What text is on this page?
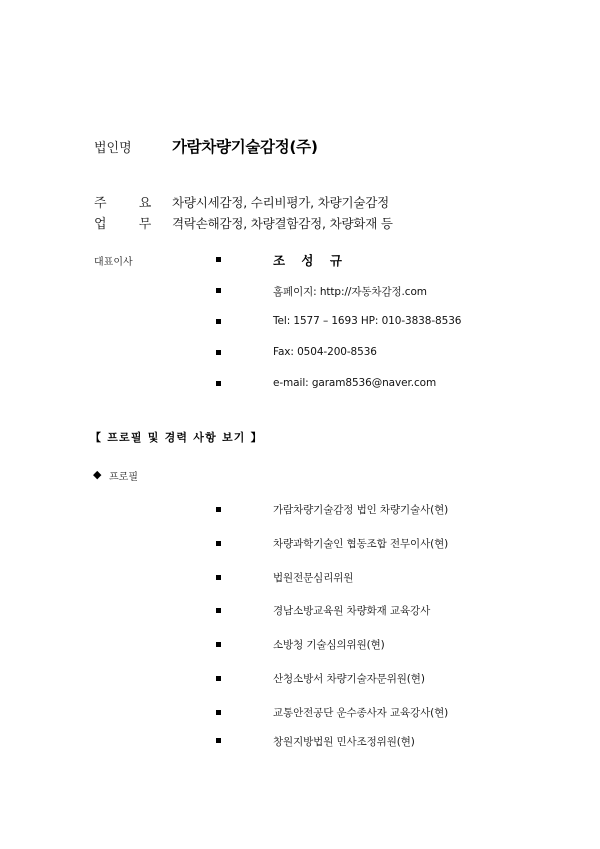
법인명	가람차량기술감정(주)
주 요
업 무
차량시세감정, 수리비평가, 차량기술감정
격락손해감정, 차량결함감정, 차량화재 등
대표이사	조 성 규
홈페이지: http://자동차감정.com
Tel: 1577 – 1693 HP: 010-3838-8536
Fax: 0504-200-8536
e-mail: garam8536@naver.com
【 프로필 및 경력 사항 보기 】
◆ 프로필
가람차량기술감정 법인 차량기술사(현)
차량과학기술인 협동조합 전무이사(현)
법원전문심리위원
경남소방교육원 차량화재 교육강사
소방청 기술심의위원(현)
산청소방서 차량기술자문위원(현)
교통안전공단 운수종사자 교육강사(현)
창원지방법원 민사조정위원(현)
